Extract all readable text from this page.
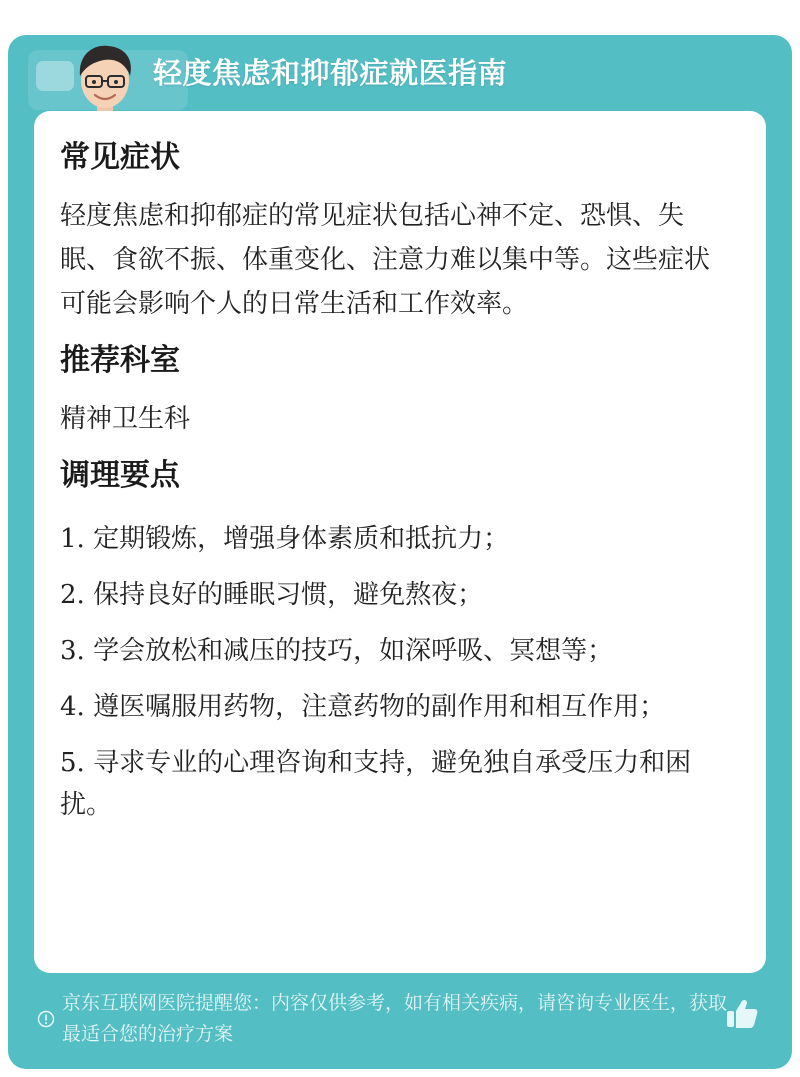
轻度焦虑和抑郁症就医指南
常见症状

轻度焦虑和抑郁症的常见症状包括心神不定、恐惧、失眠、食欲不振、体重变化、注意力难以集中等。这些症状可能会影响个人的日常生活和工作效率。

推荐科室

精神卫生科

调理要点

1. 定期锻炼，增强身体素质和抵抗力；

2. 保持良好的睡眠习惯，避免熬夜；

3. 学会放松和减压的技巧，如深呼吸、冥想等；

4. 遵医嘱服用药物，注意药物的副作用和相互作用；

5. 寻求专业的心理咨询和支持，避免独自承受压力和困扰。

京东互联网医院提醒您：内容仅供参考，如有相关疾病，请咨询专业医生，获取最适合您的治疗方案
